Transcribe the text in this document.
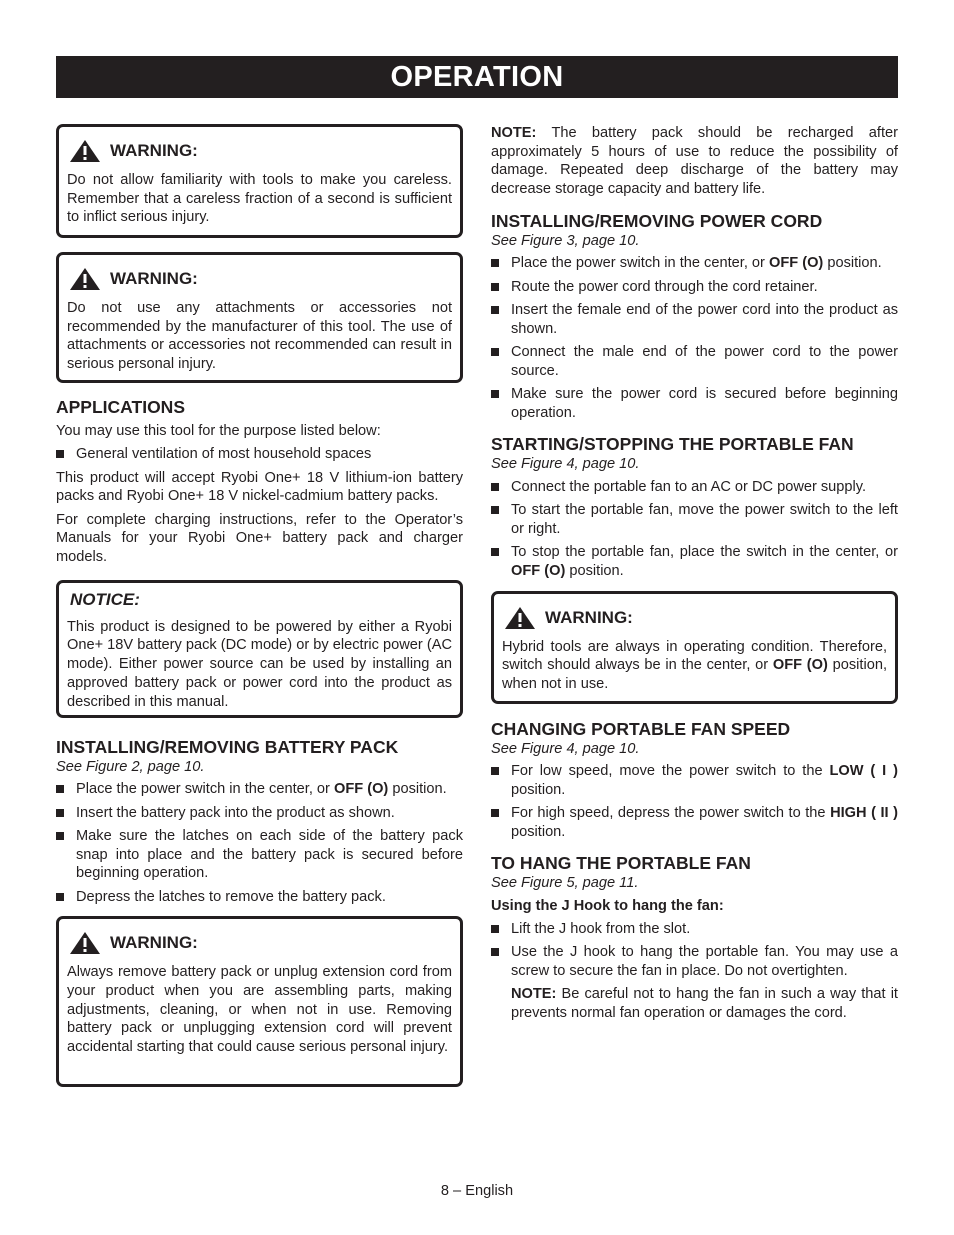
OPERATION
WARNING:
Do not allow familiarity with tools to make you careless. Remember that a careless fraction of a second is sufficient to inflict serious injury.
WARNING:
Do not use any attachments or accessories not recommended by the manufacturer of this tool. The use of attachments or accessories not recommended can result in serious personal injury.
APPLICATIONS

You may use this tool for the purpose listed below:

General ventilation of most household spaces

This product will accept Ryobi One+ 18 V lithium-ion battery packs and Ryobi One+ 18 V nickel-cadmium battery packs.

For complete charging instructions, refer to the Operator’s Manuals for your Ryobi One+ battery pack and charger models.

NOTICE:
This product is designed to be powered by either a Ryobi One+ 18V battery pack (DC mode) or by electric power (AC mode). Either power source can be used by installing an approved battery pack or power cord into the product as described in this manual.
INSTALLING/REMOVING BATTERY PACK
See Figure 2, page 10.
Place the power switch in the center, or OFF (O) position.
Insert the battery pack into the product as shown.
Make sure the latches on each side of the battery pack snap into place and the battery pack is secured before beginning operation.
Depress the latches to remove the battery pack.
WARNING:
Always remove battery pack or unplug extension cord from your product when you are assembling parts, making adjustments, cleaning, or when not in use. Removing battery pack or unplugging extension cord will prevent accidental starting that could cause serious personal injury.

NOTE: The battery pack should be recharged after approximately 5 hours of use to reduce the possibility of damage. Repeated deep discharge of the battery may decrease storage capacity and battery life.

INSTALLING/REMOVING POWER CORD
See Figure 3, page 10.
Place the power switch in the center, or OFF (O) position.
Route the power cord through the cord retainer.
Insert the female end of the power cord into the product as shown.
Connect the male end of the power cord to the power source.
Make sure the power cord is secured before beginning operation.
STARTING/STOPPING THE PORTABLE FAN
See Figure 4, page 10.
Connect the portable fan to an AC or DC power supply.
To start the portable fan, move the power switch to the left or right.
To stop the portable fan, place the switch in the center, or OFF (O) position.
WARNING:
Hybrid tools are always in operating condition. Therefore, switch should always be in the center, or OFF (O) position, when not in use.
CHANGING PORTABLE FAN SPEED
See Figure 4, page 10.
For low speed, move the power switch to the LOW ( I ) position.
For high speed, depress the power switch to the HIGH ( II ) position.
TO HANG THE PORTABLE FAN
See Figure 5, page 11.
Using the J Hook to hang the fan:
Lift the J hook from the slot.
Use the J hook to hang the portable fan. You may use a screw to secure the fan in place. Do not overtighten.
NOTE: Be careful not to hang the fan in such a way that it prevents normal fan operation or damages the cord.
8 – English
